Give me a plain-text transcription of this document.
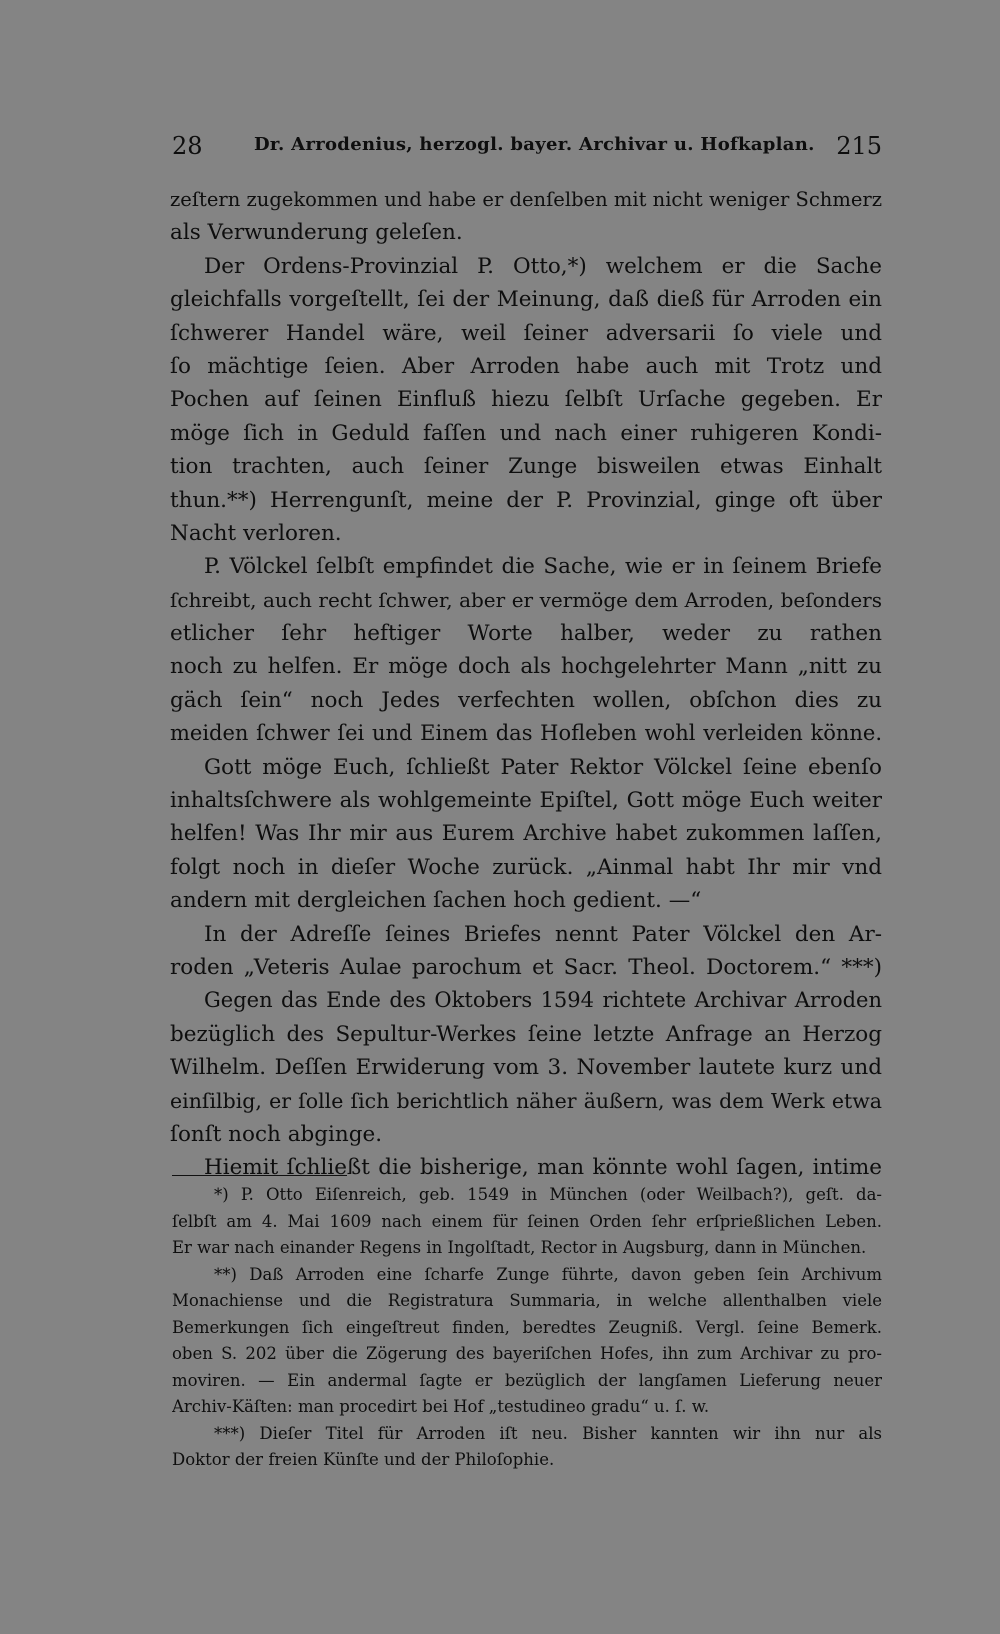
28	Dr. Arrodenius, herzogl. bayer. Archivar u. Hofkaplan. 215
zeſtern zugekommen und habe er denſelben mit nicht weniger Schmerz
als Verwunderung geleſen.
Der Ordens-Provinzial P. Otto,*) welchem er die Sache
gleichfalls vorgeſtellt, ſei der Meinung, daß dieß für Arroden ein
ſchwerer Handel wäre, weil ſeiner adversarii ſo viele und
ſo mächtige ſeien. Aber Arroden habe auch mit Trotz und
Pochen auf ſeinen Einfluß hiezu ſelbſt Urſache gegeben. Er
möge ſich in Geduld faſſen und nach einer ruhigeren Kondi-
tion trachten, auch ſeiner Zunge bisweilen etwas Einhalt
thun.**) Herrengunſt, meine der P. Provinzial, ginge oft über
Nacht verloren.
P. Völckel ſelbſt empfindet die Sache, wie er in ſeinem Briefe
ſchreibt, auch recht ſchwer, aber er vermöge dem Arroden, beſonders
etlicher ſehr heftiger Worte halber, weder zu rathen
noch zu helfen. Er möge doch als hochgelehrter Mann „nitt zu
gäch ſein“ noch Jedes verfechten wollen, obſchon dies zu
meiden ſchwer ſei und Einem das Hofleben wohl verleiden könne.
Gott möge Euch, ſchließt Pater Rektor Völckel ſeine ebenſo
inhaltsſchwere als wohlgemeinte Epiſtel, Gott möge Euch weiter
helfen! Was Ihr mir aus Eurem Archive habet zukommen laſſen,
folgt noch in dieſer Woche zurück. „Ainmal habt Ihr mir vnd
andern mit dergleichen ſachen hoch gedient. —“
In der Adreſſe ſeines Briefes nennt Pater Völckel den Ar-
roden „Veteris Aulae parochum et Sacr. Theol. Doctorem.“ ***)
Gegen das Ende des Oktobers 1594 richtete Archivar Arroden
bezüglich des Sepultur-Werkes ſeine letzte Anfrage an Herzog
Wilhelm. Deſſen Erwiderung vom 3. November lautete kurz und
einſilbig, er ſolle ſich berichtlich näher äußern, was dem Werk etwa
ſonſt noch abginge.
Hiemit ſchließt die bisherige, man könnte wohl ſagen, intime
*) P. Otto Eiſenreich, geb. 1549 in München (oder Weilbach?), geſt. da-
ſelbſt am 4. Mai 1609 nach einem für ſeinen Orden ſehr erſprießlichen Leben.
Er war nach einander Regens in Ingolſtadt, Rector in Augsburg, dann in München.
**) Daß Arroden eine ſcharfe Zunge führte, davon geben ſein Archivum
Monachiense und die Registratura Summaria, in welche allenthalben viele
Bemerkungen ſich eingeſtreut finden, beredtes Zeugniß. Vergl. ſeine Bemerk.
oben S. 202 über die Zögerung des bayeriſchen Hofes, ihn zum Archivar zu pro-
moviren. — Ein andermal ſagte er bezüglich der langſamen Lieferung neuer
Archiv-Käſten: man procedirt bei Hof „testudineo gradu“ u. ſ. w.
***) Dieſer Titel für Arroden iſt neu. Bisher kannten wir ihn nur als
Doktor der freien Künſte und der Philoſophie.
